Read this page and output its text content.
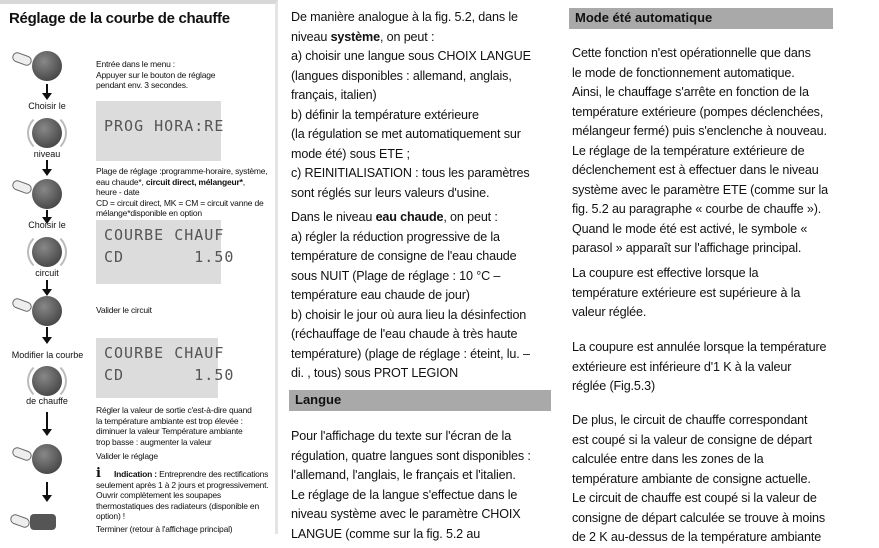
Réglage de la courbe de chauffe
Entrée dans le menu :
Appuyer sur le bouton de réglage
pendant env. 3 secondes.
Choisir le
niveau
PROG HORA:RE
Plage de réglage :programme-horaire, système, eau chaude*, circuit direct, mélangeur*,
heure - date
CD = circuit direct, MK = CM = circuit vanne de mélange*disponible en option
Choisir le
circuit
COURBE CHAUF
CD       1.50
Valider le circuit
Modifier la courbe
de chauffe
COURBE CHAUF
CD       1.50
Régler la valeur de sortie c'est-à-dire quand
la température ambiante est trop élevée :
diminuer la valeur Température ambiante
trop basse : augmenter la valeur
Valider le réglage
i Indication : Entreprendre des rectifications seulement après 1 à 2 jours et progressivement. Ouvrir complètement les soupapes thermostatiques des radiateurs (disponible en option) !
Terminer (retour à l'affichage principal)
De manière analogue à la fig. 5.2, dans le
niveau système, on peut :
a) choisir une langue sous CHOIX LANGUE
(langues disponibles : allemand, anglais,
français, italien)
b) définir la température extérieure
(la régulation se met automatiquement sur
mode été) sous ETE ;
c) REINITIALISATION : tous les paramètres
sont réglés sur leurs valeurs d'usine.
Dans le niveau eau chaude, on peut :
a) régler la réduction progressive de la
température de consigne de l'eau chaude
sous NUIT (Plage de réglage : 10 °C –
température eau chaude de jour)
b) choisir le jour où aura lieu la désinfection
(réchauffage de l'eau chaude à très haute
température) (plage de réglage : éteint, lu. –
di. , tous) sous PROT LEGION
Langue
Pour l'affichage du texte sur l'écran de la
régulation, quatre langues sont disponibles :
l'allemand, l'anglais, le français et l'italien.
Le réglage de la langue s'effectue dans le
niveau système avec le paramètre CHOIX
LANGUE (comme sur la fig. 5.2 au
Mode été automatique
Cette fonction n'est opérationnelle que dans
le mode de fonctionnement automatique.
Ainsi, le chauffage s'arrête en fonction de la
température extérieure (pompes déclenchées,
mélangeur fermé) puis s'enclenche à nouveau.
Le réglage de la température extérieure de
déclenchement est à effectuer dans le niveau
système avec le paramètre ETE (comme sur la
fig. 5.2 au paragraphe « courbe de chauffe »).
Quand le mode été est activé, le symbole «
parasol » apparaît sur l'affichage principal.
La coupure est effective lorsque la
température extérieure est supérieure à la
valeur réglée.
La coupure est annulée lorsque la température
extérieure est inférieure d'1 K à la valeur
réglée (Fig.5.3)
De plus, le circuit de chauffe correspondant
est coupé si la valeur de consigne de départ
calculée entre dans les zones de la
température ambiante de consigne actuelle.
Le circuit de chauffe est coupé si la valeur de
consigne de départ calculée se trouve à moins
de 2 K au-dessus de la température ambiante
